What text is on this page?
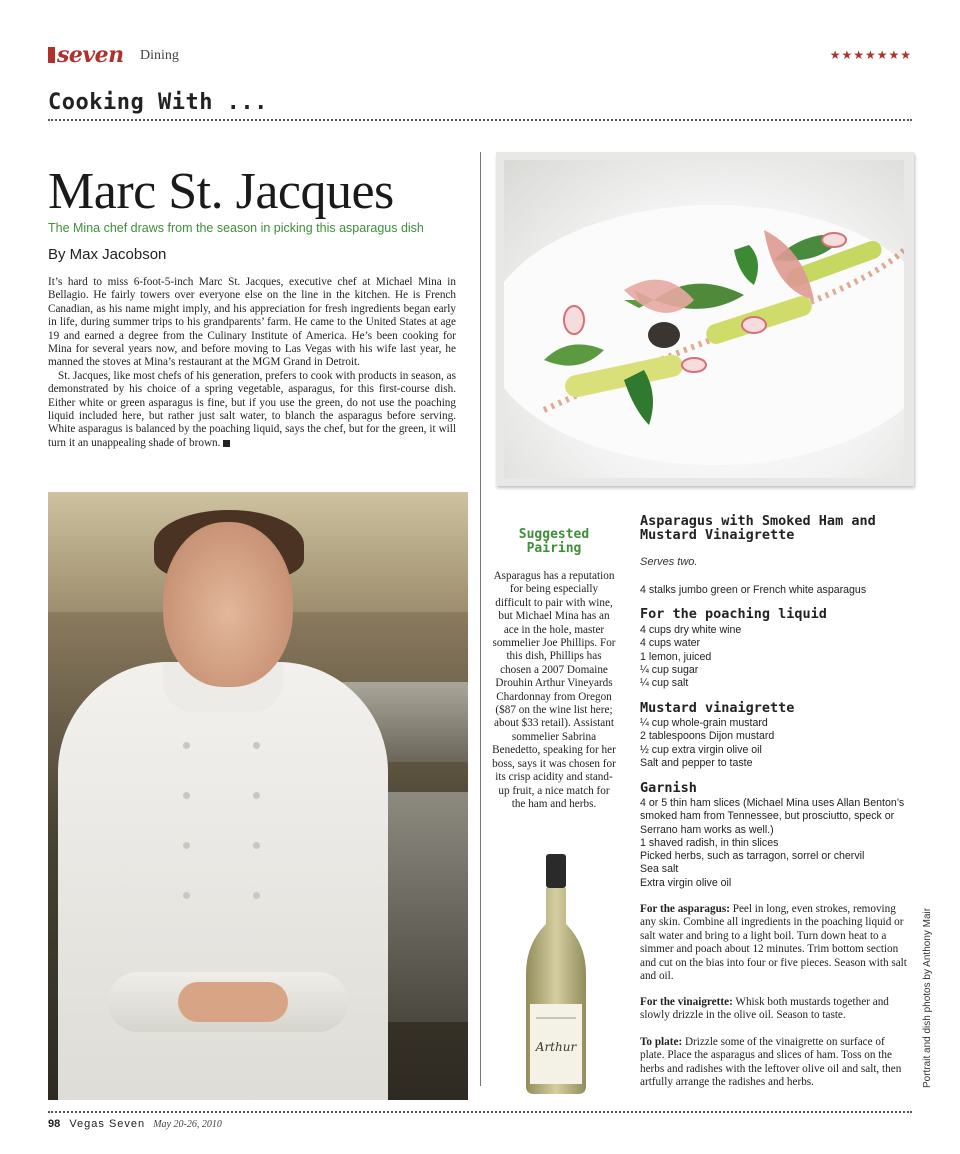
seven Dining	★★★★★★★
Cooking With ...
Marc St. Jacques
The Mina chef draws from the season in picking this asparagus dish
By Max Jacobson

It’s hard to miss 6-foot-5-inch Marc St. Jacques, executive chef at Michael Mina in Bellagio. He fairly towers over everyone else on the line in the kitchen. He is French Canadian, as his name might imply, and his appreciation for fresh ingredients began early in life, during summer trips to his grandparents’ farm. He came to the United States at age 19 and earned a degree from the Culinary Institute of America. He’s been cooking for Mina for several years now, and before moving to Las Vegas with his wife last year, he manned the stoves at Mina’s restaurant at the MGM Grand in Detroit.

St. Jacques, like most chefs of his generation, prefers to cook with products in season, as demonstrated by his choice of a spring vegetable, asparagus, for this first-course dish. Either white or green asparagus is fine, but if you use the green, do not use the poaching liquid included here, but rather just salt water, to blanch the asparagus before serving. White asparagus is balanced by the poaching liquid, says the chef, but for the green, it will turn it an unappealing shade of brown.

Suggested Pairing
Asparagus has a reputation for being especially difficult to pair with wine, but Michael Mina has an ace in the hole, master sommelier Joe Phillips. For this dish, Phillips has chosen a 2007 Domaine Drouhin Arthur Vineyards Chardonnay from Oregon ($87 on the wine list here; about $33 retail). Assistant sommelier Sabrina Benedetto, speaking for her boss, says it was chosen for its crisp acidity and stand-up fruit, a nice match for the ham and herbs.
Arthur
Asparagus with Smoked Ham and Mustard Vinaigrette
Serves two.
4 stalks jumbo green or French white asparagus
For the poaching liquid
4 cups dry white wine
4 cups water
1 lemon, juiced
¼ cup sugar
¼ cup salt
Mustard vinaigrette
¼ cup whole-grain mustard
2 tablespoons Dijon mustard
½ cup extra virgin olive oil
Salt and pepper to taste
Garnish
4 or 5 thin ham slices (Michael Mina uses Allan Benton’s smoked ham from Tennessee, but prosciutto, speck or Serrano ham works as well.)
1 shaved radish, in thin slices
Picked herbs, such as tarragon, sorrel or chervil
Sea salt
Extra virgin olive oil
For the asparagus: Peel in long, even strokes, removing any skin. Combine all ingredients in the poaching liquid or salt water and bring to a light boil. Turn down heat to a simmer and poach about 12 minutes. Trim bottom section and cut on the bias into four or five pieces. Season with salt and oil.
For the vinaigrette: Whisk both mustards together and slowly drizzle in the olive oil. Season to taste.
To plate: Drizzle some of the vinaigrette on surface of plate. Place the asparagus and slices of ham. Toss on the herbs and radishes with the leftover olive oil and salt, then artfully arrange the radishes and herbs.	Portrait and dish photos by Anthony Mair
98 Vegas Seven May 20-26, 2010
